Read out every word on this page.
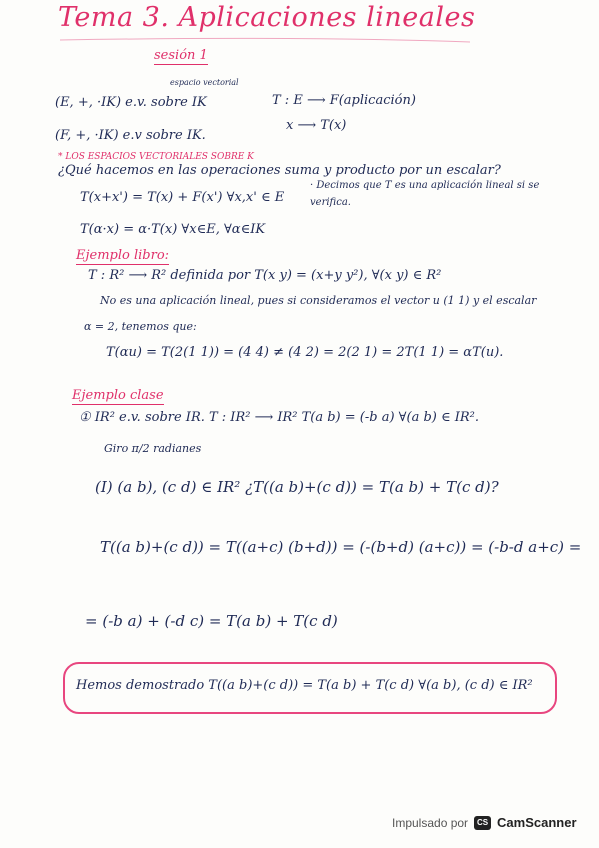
Tema 3. Aplicaciones lineales
sesión 1
espacio vectorial
(E, +, ·IK) e.v. sobre IK	T : E ⟶ F(aplicación)
x ⟶ T(x)
(F, +, ·IK) e.v sobre IK.
* LOS ESPACIOS VECTORIALES SOBRE K
¿Qué hacemos en las operaciones suma y producto por un escalar?
T(x+x') = T(x) + F(x') ∀x,x' ∈ E
· Decimos que T es una aplicación lineal si se verifica.
T(α·x) = α·T(x) ∀x∈E, ∀α∈IK
Ejemplo libro:
T : R² ⟶ R² definida por T(x y) = (x+y y²), ∀(x y) ∈ R²
No es una aplicación lineal, pues si consideramos el vector u (1 1) y el escalar
α = 2, tenemos que:
T(αu) = T(2(1 1)) = (4 4) ≠ (4 2) = 2(2 1) = 2T(1 1) = αT(u).
Ejemplo clase
① IR² e.v. sobre IR. T : IR² ⟶ IR² T(a b) = (-b a) ∀(a b) ∈ IR².
Giro π/2 radianes
(I) (a b), (c d) ∈ IR² ¿T((a b)+(c d)) = T(a b) + T(c d)?
T((a b)+(c d)) = T((a+c) (b+d)) = (-(b+d) (a+c)) = (-b-d a+c) =
= (-b a) + (-d c) = T(a b) + T(c d)
Hemos demostrado T((a b)+(c d)) = T(a b) + T(c d) ∀(a b), (c d) ∈ IR²
Impulsado por	CS CamScanner
